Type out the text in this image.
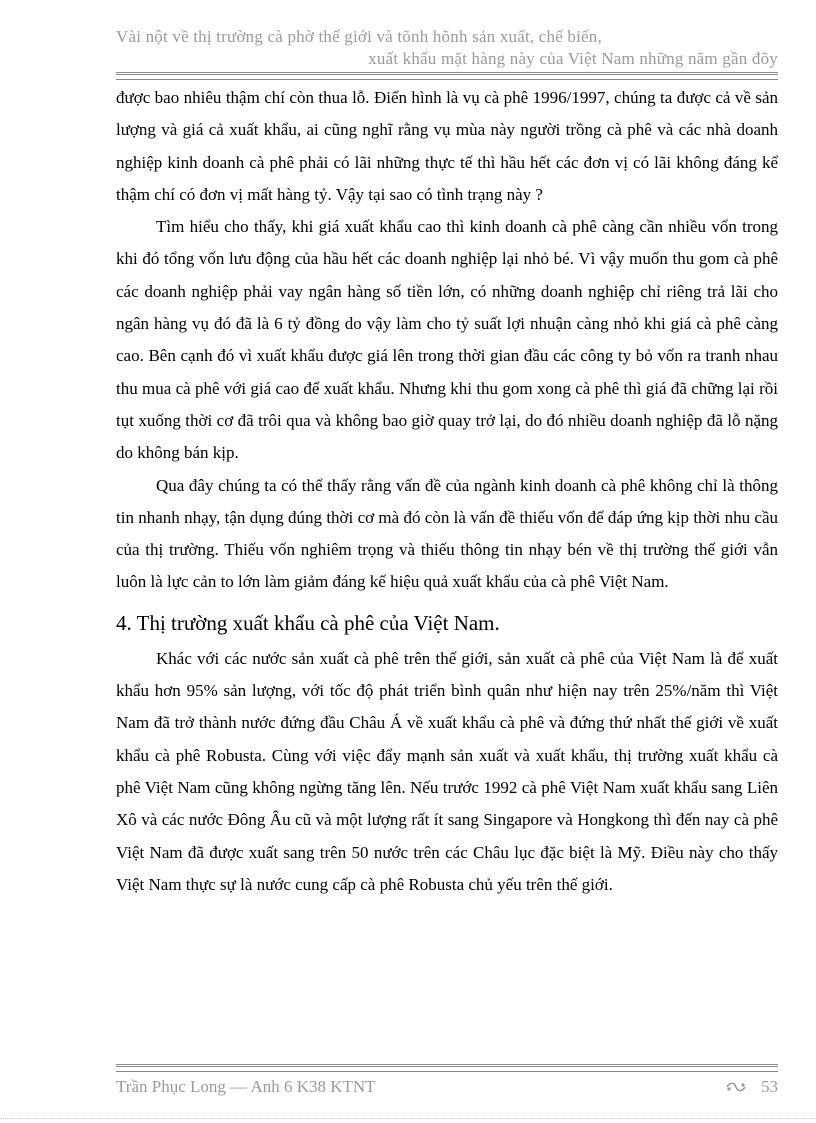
Vài nột về thị trường cà phờ thế giới và tõnh hõnh sản xuất, chế biến,
xuất khẩu mặt hàng này của Việt Nam những năm gần đõy

được bao nhiêu thậm chí còn thua lỗ. Điển hình là vụ cà phê 1996/1997, chúng ta được cả về sản lượng và giá cả xuất khẩu, ai cũng nghĩ rằng vụ mùa này người trồng cà phê và các nhà doanh nghiệp kinh doanh cà phê phải có lãi những thực tế thì hầu hết các đơn vị có lãi không đáng kể thậm chí có đơn vị mất hàng tỷ. Vậy tại sao có tình trạng này ?

Tìm hiểu cho thấy, khi giá xuất khẩu cao thì kinh doanh cà phê càng cần nhiều vốn trong khi đó tổng vốn lưu động của hầu hết các doanh nghiệp lại nhỏ bé. Vì vậy muốn thu gom cà phê các doanh nghiệp phải vay ngân hàng số tiền lớn, có những doanh nghiệp chỉ riêng trả lãi cho ngân hàng vụ đó đã là 6 tỷ đồng do vậy làm cho tỷ suất lợi nhuận càng nhỏ khi giá cà phê càng cao. Bên cạnh đó vì xuất khẩu được giá lên trong thời gian đầu các công ty bỏ vốn ra tranh nhau thu mua cà phê với giá cao để xuất khẩu. Nhưng khi thu gom xong cà phê thì giá đã chững lại rồi tụt xuống thời cơ đã trôi qua và không bao giờ quay trở lại, do đó nhiều doanh nghiệp đã lỗ nặng do không bán kịp.

Qua đây chúng ta có thể thấy rằng vấn đề của ngành kinh doanh cà phê không chỉ là thông tin nhanh nhạy, tận dụng đúng thời cơ mà đó còn là vấn đề thiếu vốn để đáp ứng kịp thời nhu cầu của thị trường. Thiếu vốn nghiêm trọng và thiếu thông tin nhạy bén về thị trường thế giới vẫn luôn là lực cản to lớn làm giảm đáng kể hiệu quả xuất khẩu của cà phê Việt Nam.

4. Thị trường xuất khẩu cà phê của Việt Nam.

Khác với các nước sản xuất cà phê trên thế giới, sản xuất cà phê của Việt Nam là để xuất khẩu hơn 95% sản lượng, với tốc độ phát triển bình quân như hiện nay trên 25%/năm thì Việt Nam đã trở thành nước đứng đầu Châu Á về xuất khẩu cà phê và đứng thứ nhất thế giới về xuất khẩu cà phê Robusta. Cùng với việc đẩy mạnh sản xuất và xuất khẩu, thị trường xuất khẩu cà phê Việt Nam cũng không ngừng tăng lên. Nếu trước 1992 cà phê Việt Nam xuất khẩu sang Liên Xô và các nước Đông Âu cũ và một lượng rất ít sang Singapore và Hongkong thì đến nay cà phê Việt Nam đã được xuất sang trên 50 nước trên các Châu lục đặc biệt là Mỹ. Điều này cho thấy Việt Nam thực sự là nước cung cấp cà phê Robusta chủ yếu trên thế giới.

Trần Phục Long — Anh 6 K38 KTNT	53
